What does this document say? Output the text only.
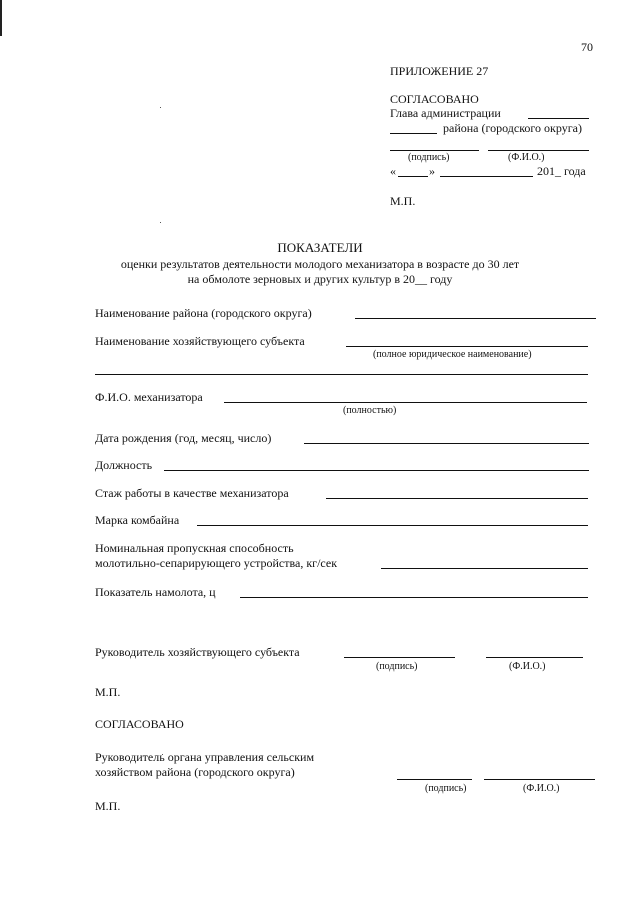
70
ПРИЛОЖЕНИЕ 27
СОГЛАСОВАНО
Глава администрации
района (городского округа)
(подпись)	(Ф.И.О.)
«	»	201_ года
М.П.
ПОКАЗАТЕЛИ
оценки результатов деятельности молодого механизатора в возрасте до 30 лет
на обмолоте зерновых и других культур в 20__ году
Наименование района (городского округа)
Наименование хозяйствующего субъекта
(полное юридическое наименование)
Ф.И.О. механизатора
(полностью)
Дата рождения (год, месяц, число)
Должность
Стаж работы в качестве механизатора
Марка комбайна
Номинальная пропускная способность
молотильно-сепарирующего устройства, кг/сек
Показатель намолота, ц
Руководитель хозяйствующего субъекта
(подпись)	(Ф.И.О.)
М.П.
СОГЛАСОВАНО
Руководитель органа управления сельским
хозяйством района (городского округа)
(подпись)	(Ф.И.О.)
М.П.
